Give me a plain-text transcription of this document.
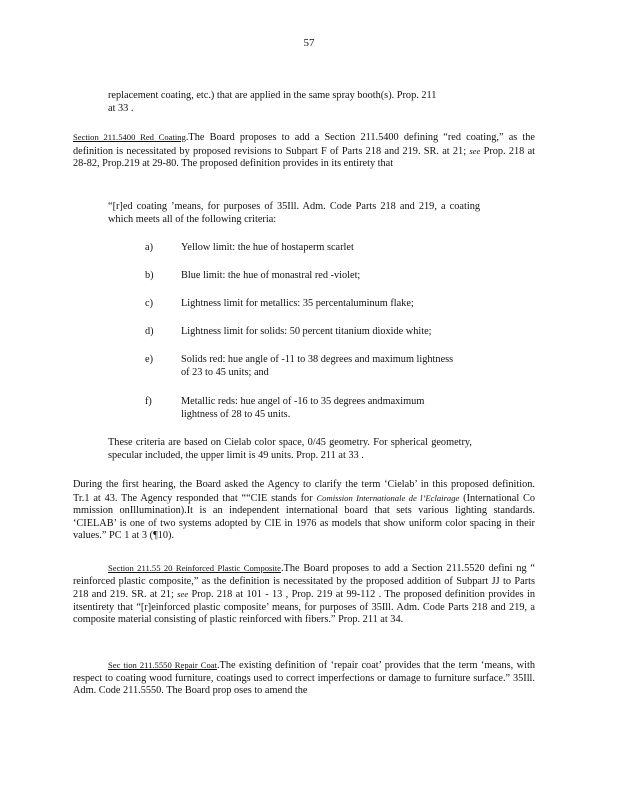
57

replacement coating, etc.) that are applied in the same spray booth(s). Prop. 211

at 33 .

Section 211.5400 Red Coating.The Board proposes to add a Section 211.5400 defining “red coating,” as the definition is necessitated by proposed revisions to Subpart F of Parts 218 and 219. SR. at 21; see Prop. 218 at 28-82, Prop.219 at 29-80. The proposed definition provides in its entirety that

“[r]ed coating ’means, for purposes of 35Ill. Adm. Code Parts 218 and 219, a coating which meets all of the following criteria:

a)	Yellow limit: the hue of hostaperm scarlet
b)	Blue limit: the hue of monastral red -violet;
c)	Lightness limit for metallics: 35 percentaluminum flake;
d)	Lightness limit for solids: 50 percent titanium dioxide white;
e)	Solids red: hue angle of -11 to 38 degrees and maximum lightness of 23 to 45 units; and
f)	Metallic reds: hue angel of -16 to 35 degrees andmaximum lightness of 28 to 45 units.

These criteria are based on Cielab color space, 0/45 geometry. For spherical geometry, specular included, the upper limit is 49 units. Prop. 211 at 33 .

During the first hearing, the Board asked the Agency to clarify the term ‘Cielab’ in this proposed definition. Tr.1 at 43. The Agency responded that ““CIE stands for Comission Internationale de l’Eclairage (International Co mmission onIllumination).It is an independent international board that sets various lighting standards. ‘CIELAB’ is one of two systems adopted by CIE in 1976 as models that show uniform color spacing in their values.” PC 1 at 3 (¶10).

Section 211.55 20 Reinforced Plastic Composite.The Board proposes to add a Section 211.5520 defini ng “ reinforced plastic composite,” as the definition is necessitated by the proposed addition of Subpart JJ to Parts 218 and 219. SR. at 21; see Prop. 218 at 101 - 13 , Prop. 219 at 99-112 . The proposed definition provides in itsentirety that “[r]einforced plastic composite’ means, for purposes of 35Ill. Adm. Code Parts 218 and 219, a composite material consisting of plastic reinforced with fibers.” Prop. 211 at 34.

Sec tion 211.5550 Repair Coat.The existing definition of ‘repair coat’ provides that the term ‘means, with respect to coating wood furniture, coatings used to correct imperfections or damage to furniture surface.” 35Ill. Adm. Code 211.5550. The Board prop oses to amend the
